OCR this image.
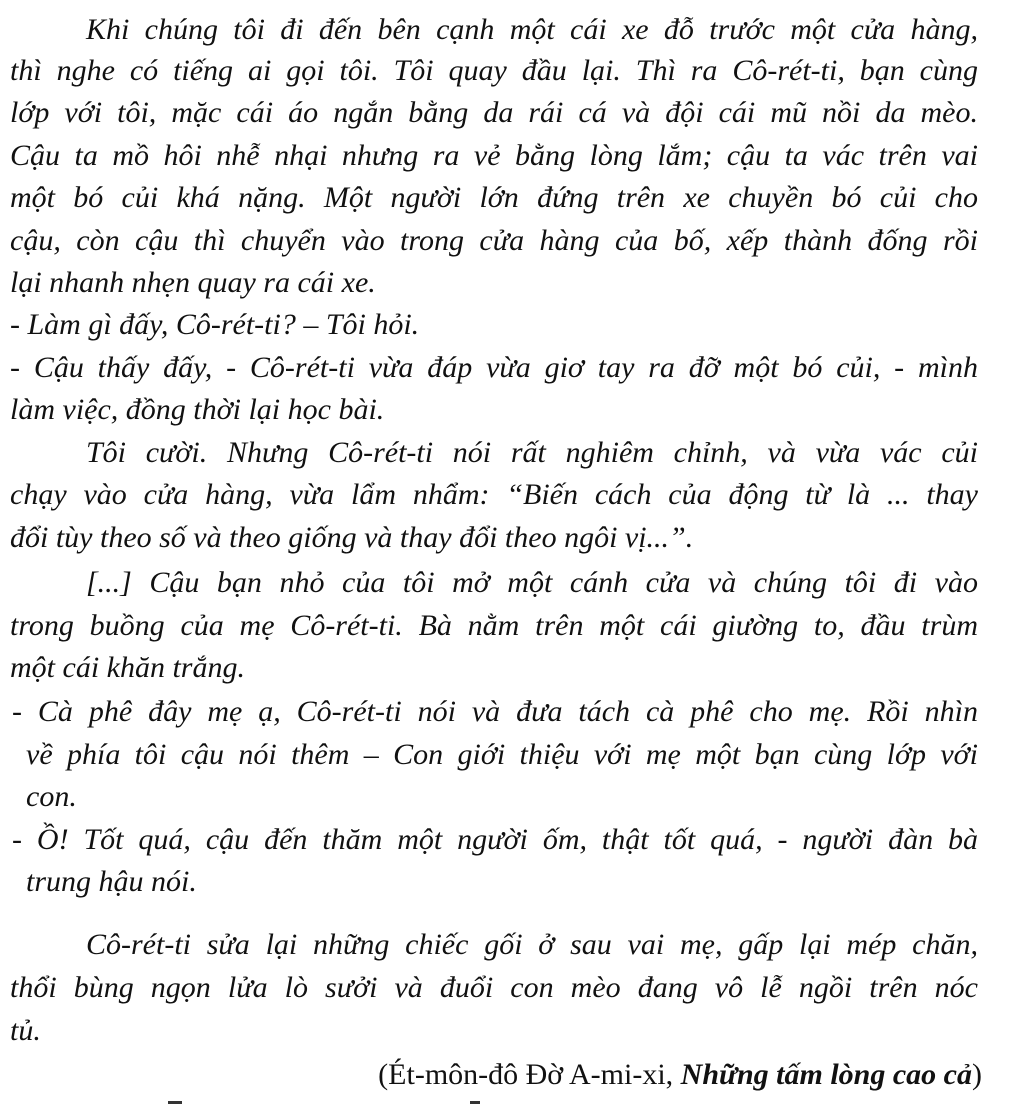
Khi chúng tôi đi đến bên cạnh một cái xe đỗ trước một cửa hàng,
thì nghe có tiếng ai gọi tôi. Tôi quay đầu lại. Thì ra Cô-rét-ti, bạn cùng
lớp với tôi, mặc cái áo ngắn bằng da rái cá và đội cái mũ nồi da mèo.
Cậu ta mồ hôi nhễ nhại nhưng ra vẻ bằng lòng lắm; cậu ta vác trên vai
một bó củi khá nặng. Một người lớn đứng trên xe chuyền bó củi cho
cậu, còn cậu thì chuyển vào trong cửa hàng của bố, xếp thành đống rồi
lại nhanh nhẹn quay ra cái xe.
- Làm gì đấy, Cô-rét-ti? – Tôi hỏi.
- Cậu thấy đấy, - Cô-rét-ti vừa đáp vừa giơ tay ra đỡ một bó củi, - mình
làm việc, đồng thời lại học bài.
Tôi cười. Nhưng Cô-rét-ti nói rất nghiêm chỉnh, và vừa vác củi
chạy vào cửa hàng, vừa lẩm nhẩm: “Biến cách của động từ là ... thay
đổi tùy theo số và theo giống và thay đổi theo ngôi vị...”.
[...] Cậu bạn nhỏ của tôi mở một cánh cửa và chúng tôi đi vào
trong buồng của mẹ Cô-rét-ti. Bà nằm trên một cái giường to, đầu trùm
một cái khăn trắng.
- Cà phê đây mẹ ạ, Cô-rét-ti nói và đưa tách cà phê cho mẹ. Rồi nhìn
về phía tôi cậu nói thêm – Con giới thiệu với mẹ một bạn cùng lớp với
con.
- Ồ! Tốt quá, cậu đến thăm một người ốm, thật tốt quá, - người đàn bà
trung hậu nói.
Cô-rét-ti sửa lại những chiếc gối ở sau vai mẹ, gấp lại mép chăn,
thổi bùng ngọn lửa lò sưởi và đuổi con mèo đang vô lễ ngồi trên nóc
tủ.
(Ét-môn-đô Đờ A-mi-xi, Những tấm lòng cao cả)
